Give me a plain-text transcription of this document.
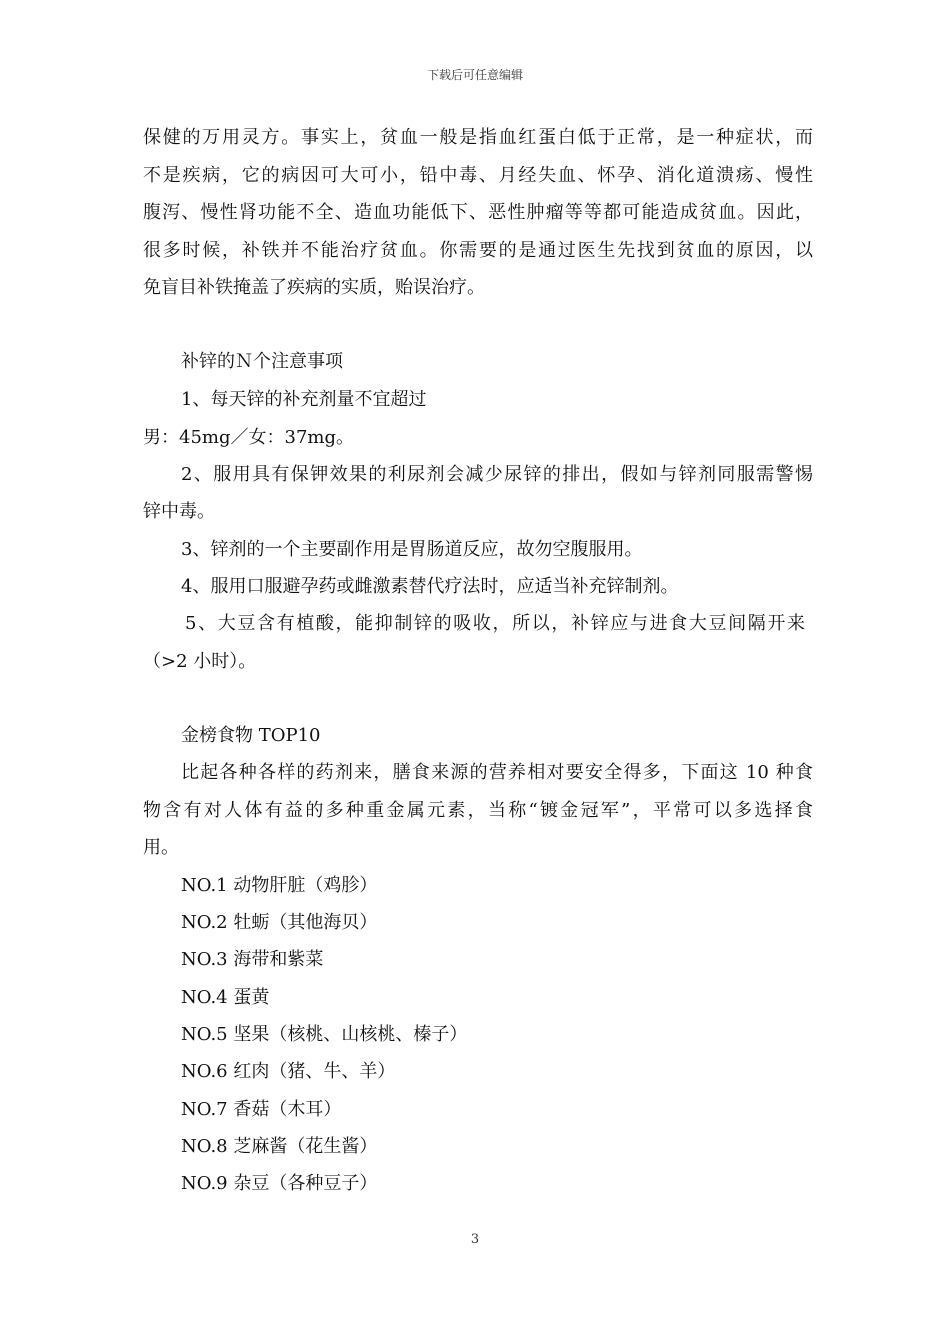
下载后可任意编辑
保健的万用灵方。事实上，贫血一般是指血红蛋白低于正常，是一种症状，而
不是疾病，它的病因可大可小，铅中毒、月经失血、怀孕、消化道溃疡、慢性
腹泻、慢性肾功能不全、造血功能低下、恶性肿瘤等等都可能造成贫血。因此，
很多时候，补铁并不能治疗贫血。你需要的是通过医生先找到贫血的原因，以
免盲目补铁掩盖了疾病的实质，贻误治疗。
补锌的Ｎ个注意事项
1、每天锌的补充剂量不宜超过
男：45mg／女：37mg。
2、服用具有保钾效果的利尿剂会减少尿锌的排出，假如与锌剂同服需警惕
锌中毒。
3、锌剂的一个主要副作用是胃肠道反应，故勿空腹服用。
4、服用口服避孕药或雌激素替代疗法时，应适当补充锌制剂。
5、大豆含有植酸，能抑制锌的吸收，所以，补锌应与进食大豆间隔开来
（>2 小时）。
金榜食物 TOP10
比起各种各样的药剂来，膳食来源的营养相对要安全得多，下面这 10 种食
物含有对人体有益的多种重金属元素，当称“镀金冠军”，平常可以多选择食
用。
NO.1 动物肝脏（鸡胗）
NO.2 牡蛎（其他海贝）
NO.3 海带和紫菜
NO.4 蛋黄
NO.5 坚果（核桃、山核桃、榛子）
NO.6 红肉（猪、牛、羊）
NO.7 香菇（木耳）
NO.8 芝麻酱（花生酱）
NO.9 杂豆（各种豆子）
3
